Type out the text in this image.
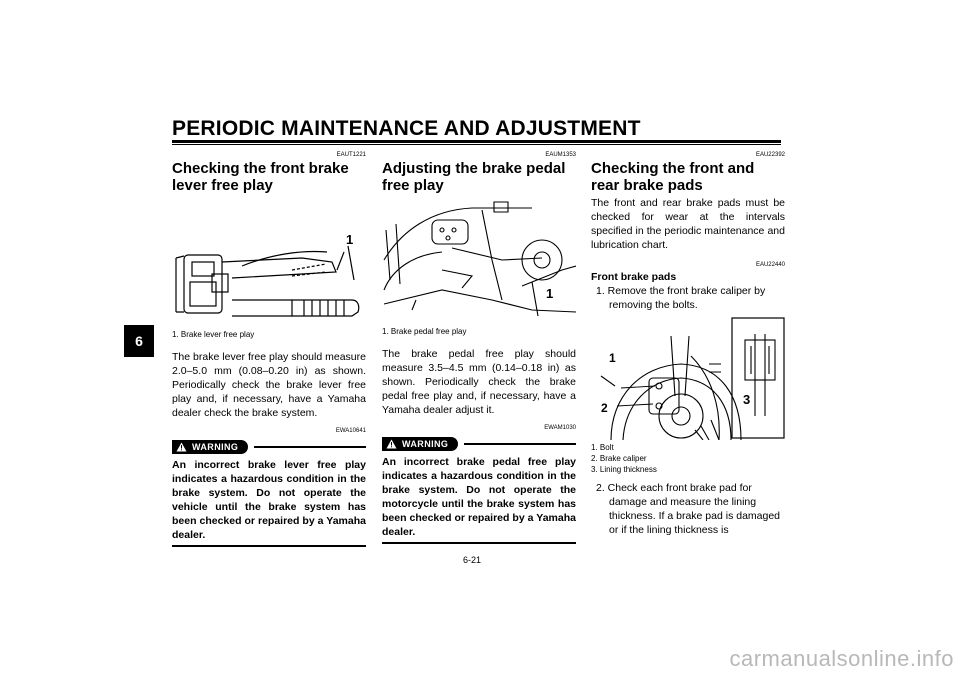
PERIODIC MAINTENANCE AND ADJUSTMENT
6
EAUT1221
Checking the front brake lever free play
1
1. Brake lever free play
The brake lever free play should measure 2.0–5.0 mm (0.08–0.20 in) as shown. Periodically check the brake lever free play and, if necessary, have a Yamaha dealer check the brake system.
EWA10641
WARNING
An incorrect brake lever free play indicates a hazardous condition in the brake system. Do not operate the vehicle until the brake system has been checked or repaired by a Yamaha dealer.
EAUM1353
Adjusting the brake pedal free play
1
1. Brake pedal free play
The brake pedal free play should measure 3.5–4.5 mm (0.14–0.18 in) as shown. Periodically check the brake pedal free play and, if necessary, have a Yamaha dealer adjust it.
EWAM1030
WARNING
An incorrect brake pedal free play indicates a hazardous condition in the brake system. Do not operate the motorcycle until the brake system has been checked or repaired by a Yamaha dealer.
EAU22392
Checking the front and rear brake pads
The front and rear brake pads must be checked for wear at the intervals specified in the periodic maintenance and lubrication chart.
EAU22440
Front brake pads
1. Remove the front brake caliper by removing the bolts.
1
2
3
1. Bolt
2. Brake caliper
3. Lining thickness
2. Check each front brake pad for damage and measure the lining thickness. If a brake pad is damaged or if the lining thickness is
6-21
carmanualsonline.info
